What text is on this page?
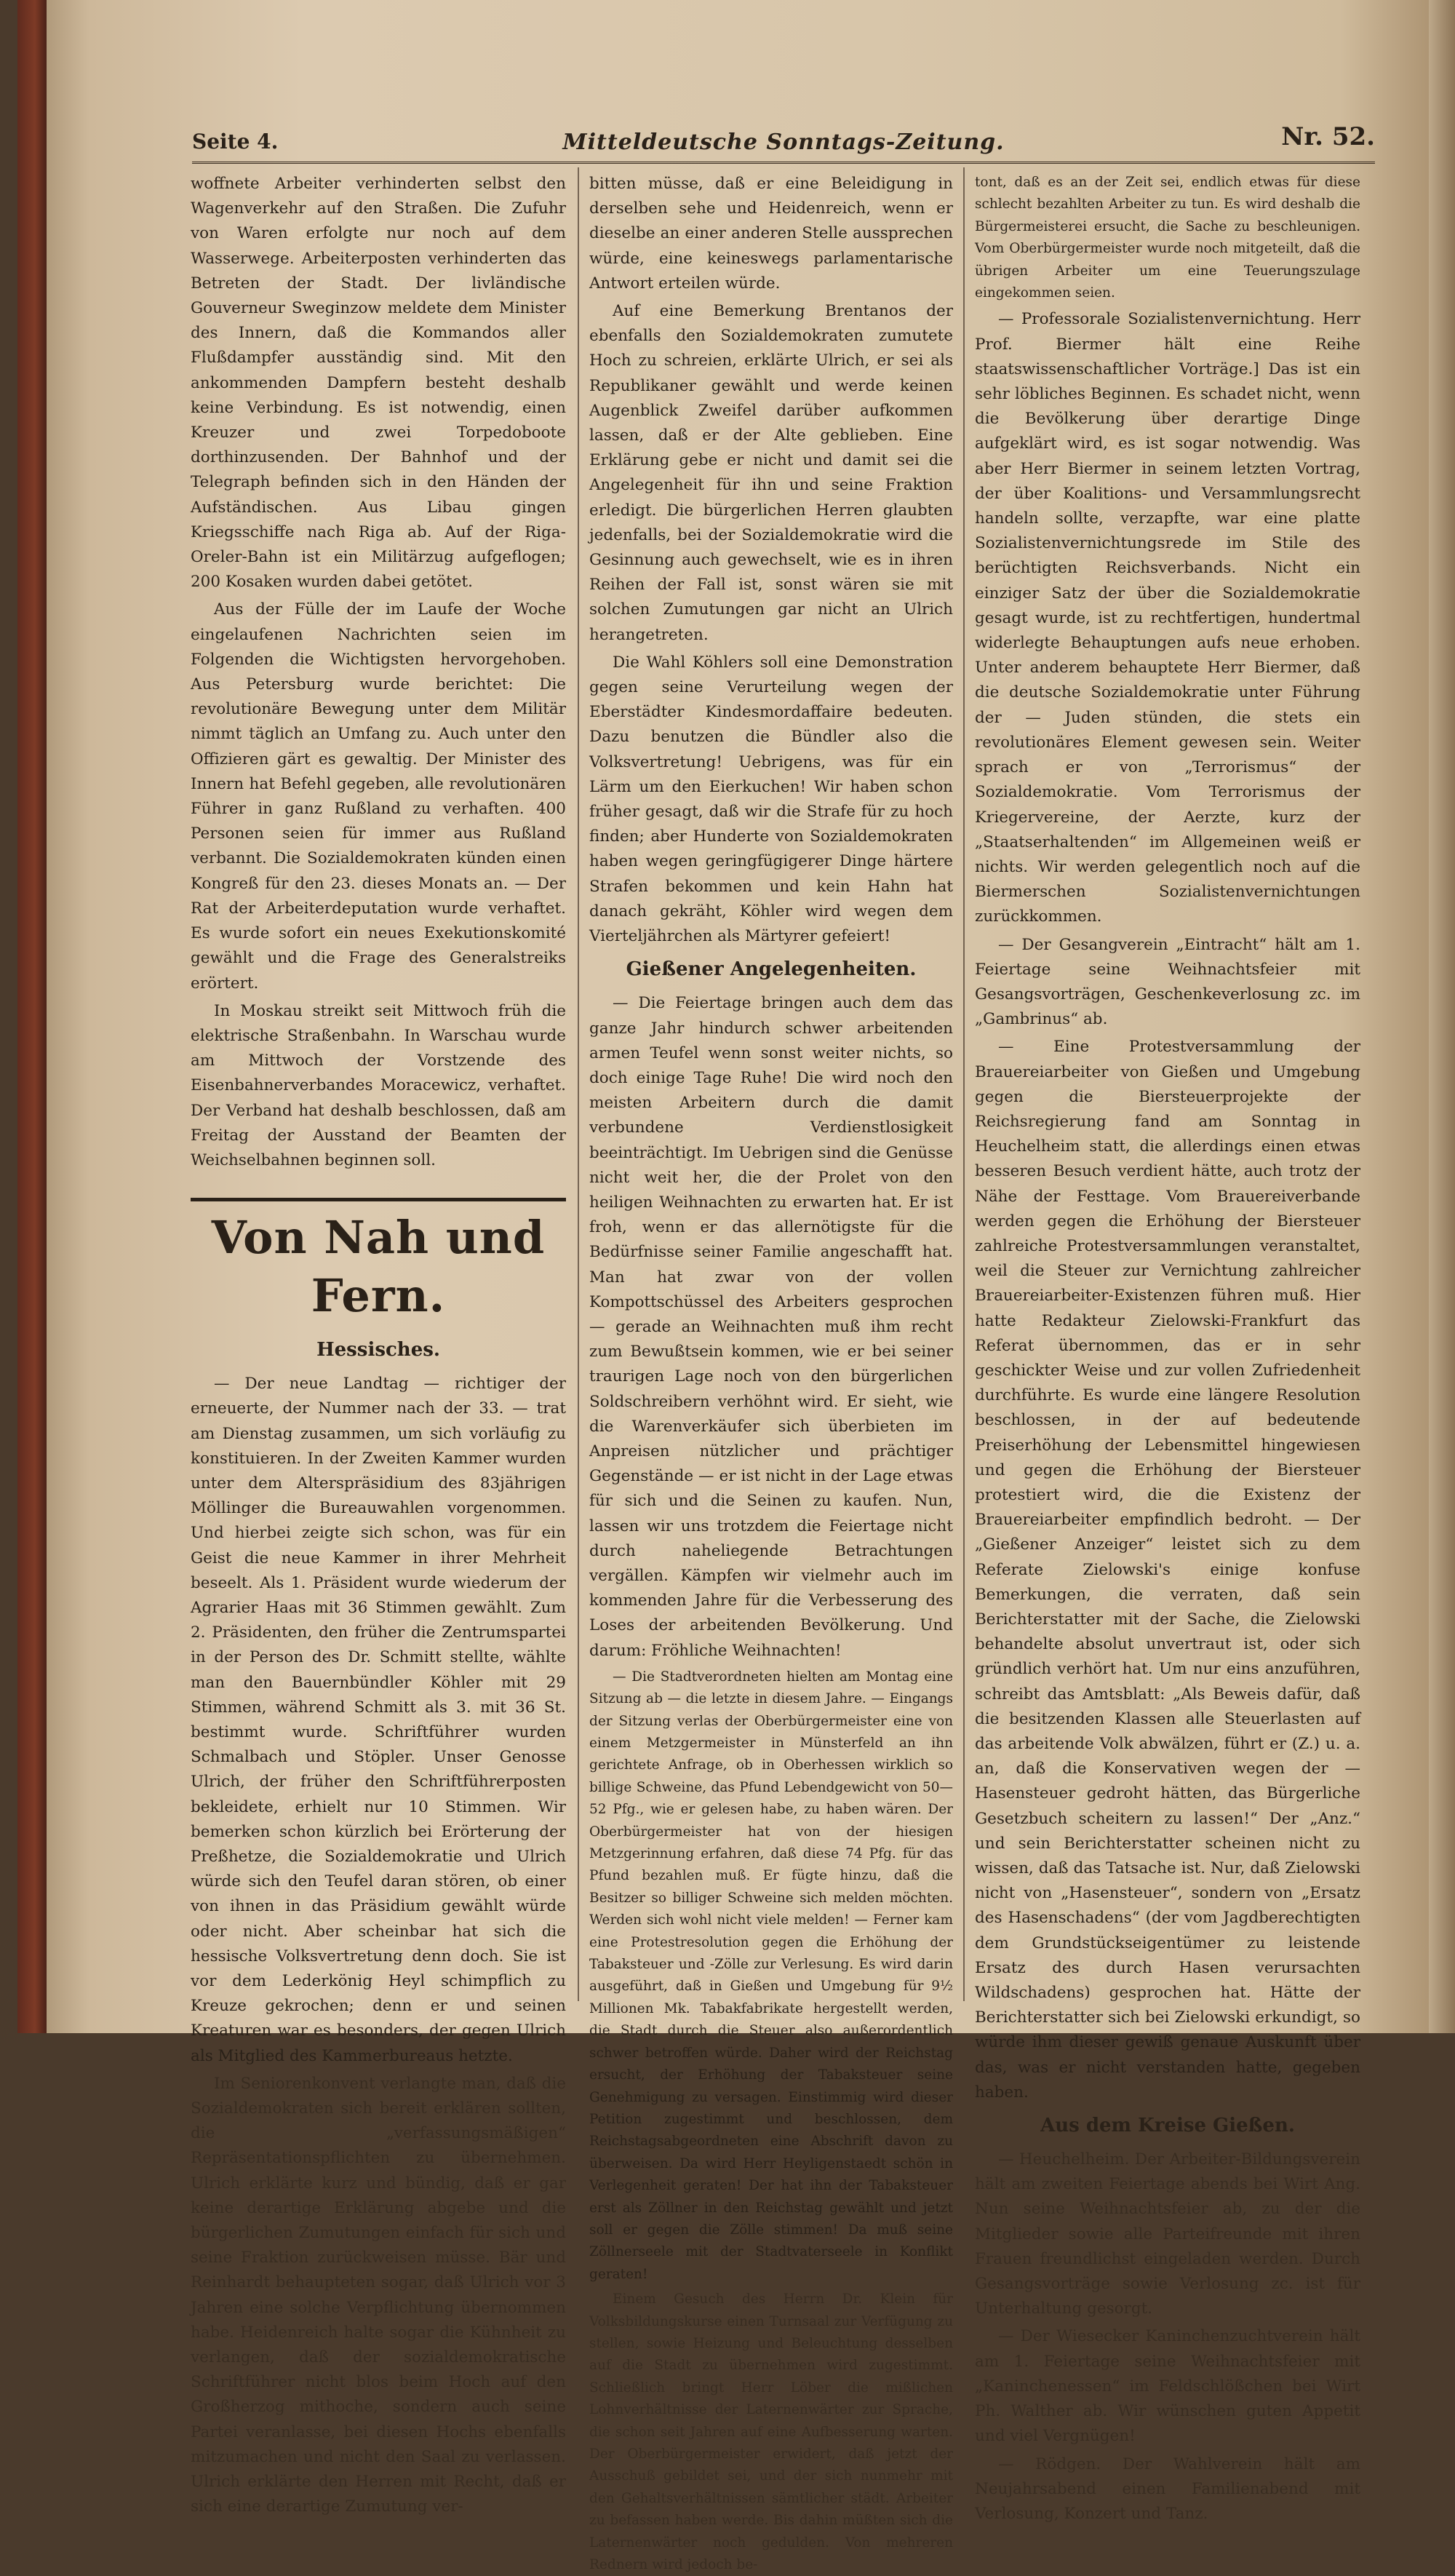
Seite 4.	Mitteldeutsche Sonntags-Zeitung.	Nr. 52.

woffnete Arbeiter verhinderten selbst den Wagenverkehr auf den Straßen. Die Zufuhr von Waren erfolgte nur noch auf dem Wasserwege. Arbeiterposten verhinderten das Betreten der Stadt. Der livländische Gouverneur Sweginzow meldete dem Minister des Innern, daß die Kommandos aller Flußdampfer ausständig sind. Mit den ankommenden Dampfern besteht deshalb keine Verbindung. Es ist notwendig, einen Kreuzer und zwei Torpedoboote dorthinzusenden. Der Bahnhof und der Telegraph befinden sich in den Händen der Aufständischen. Aus Libau gingen Kriegsschiffe nach Riga ab. Auf der Riga-Oreler-Bahn ist ein Militärzug aufgeflogen; 200 Kosaken wurden dabei getötet.

Aus der Fülle der im Laufe der Woche eingelaufenen Nachrichten seien im Folgenden die Wichtigsten hervorgehoben. Aus Petersburg wurde berichtet: Die revolutionäre Bewegung unter dem Militär nimmt täglich an Umfang zu. Auch unter den Offizieren gärt es gewaltig. Der Minister des Innern hat Befehl gegeben, alle revolutionären Führer in ganz Rußland zu verhaften. 400 Personen seien für immer aus Rußland verbannt. Die Sozialdemokraten künden einen Kongreß für den 23. dieses Monats an. — Der Rat der Arbeiterdeputation wurde verhaftet. Es wurde sofort ein neues Exekutionskomité gewählt und die Frage des Generalstreiks erörtert.

In Moskau streikt seit Mittwoch früh die elektrische Straßenbahn. In Warschau wurde am Mittwoch der Vorstzende des Eisenbahnerverbandes Moracewicz, verhaftet. Der Verband hat deshalb beschlossen, daß am Freitag der Ausstand der Beamten der Weichselbahnen beginnen soll.

Von Nah und Fern.
Hessisches.

— Der neue Landtag — richtiger der erneuerte, der Nummer nach der 33. — trat am Dienstag zusammen, um sich vorläufig zu konstituieren. In der Zweiten Kammer wurden unter dem Alterspräsidium des 83jährigen Möllinger die Bureauwahlen vorgenommen. Und hierbei zeigte sich schon, was für ein Geist die neue Kammer in ihrer Mehrheit beseelt. Als 1. Präsident wurde wiederum der Agrarier Haas mit 36 Stimmen gewählt. Zum 2. Präsidenten, den früher die Zentrumspartei in der Person des Dr. Schmitt stellte, wählte man den Bauernbündler Köhler mit 29 Stimmen, während Schmitt als 3. mit 36 St. bestimmt wurde. Schriftführer wurden Schmalbach und Stöpler. Unser Genosse Ulrich, der früher den Schriftführerposten bekleidete, erhielt nur 10 Stimmen. Wir bemerken schon kürzlich bei Erörterung der Preßhetze, die Sozialdemokratie und Ulrich würde sich den Teufel daran stören, ob einer von ihnen in das Präsidium gewählt würde oder nicht. Aber scheinbar hat sich die hessische Volksvertretung denn doch. Sie ist vor dem Lederkönig Heyl schimpflich zu Kreuze gekrochen; denn er und seinen Kreaturen war es besonders, der gegen Ulrich als Mitglied des Kammerbureaus hetzte.

Im Seniorenkonvent verlangte man, daß die Sozialdemokraten sich bereit erklären sollten, die „verfassungsmäßigen“ Repräsentationspflichten zu übernehmen. Ulrich erklärte kurz und bündig, daß er gar keine derartige Erklärung abgebe und die bürgerlichen Zumutungen einfach für sich und seine Fraktion zurückweisen müsse. Bär und Reinhardt behaupteten sogar, daß Ulrich vor 3 Jahren eine solche Verpflichtung übernommen habe. Heidenreich halte sogar die Kühnheit zu verlangen, daß der sozialdemokratische Schriftführer nicht blos beim Hoch auf den Großherzog mithoche, sondern auch seine Partei veranlasse, bei diesen Hochs ebenfalls mitzumachen und nicht den Saal zu verlassen. Ulrich erklärte den Herren mit Recht, daß er sich eine derartige Zumutung ver-

bitten müsse, daß er eine Beleidigung in derselben sehe und Heidenreich, wenn er dieselbe an einer anderen Stelle aussprechen würde, eine keineswegs parlamentarische Antwort erteilen würde.

Auf eine Bemerkung Brentanos der ebenfalls den Sozialdemokraten zumutete Hoch zu schreien, erklärte Ulrich, er sei als Republikaner gewählt und werde keinen Augenblick Zweifel darüber aufkommen lassen, daß er der Alte geblieben. Eine Erklärung gebe er nicht und damit sei die Angelegenheit für ihn und seine Fraktion erledigt. Die bürgerlichen Herren glaubten jedenfalls, bei der Sozialdemokratie wird die Gesinnung auch gewechselt, wie es in ihren Reihen der Fall ist, sonst wären sie mit solchen Zumutungen gar nicht an Ulrich herangetreten.

Die Wahl Köhlers soll eine Demonstration gegen seine Verurteilung wegen der Eberstädter Kindesmordaffaire bedeuten. Dazu benutzen die Bündler also die Volksvertretung! Uebrigens, was für ein Lärm um den Eierkuchen! Wir haben schon früher gesagt, daß wir die Strafe für zu hoch finden; aber Hunderte von Sozialdemokraten haben wegen geringfügigerer Dinge härtere Strafen bekommen und kein Hahn hat danach gekräht, Köhler wird wegen dem Vierteljährchen als Märtyrer gefeiert!

Gießener Angelegenheiten.

— Die Feiertage bringen auch dem das ganze Jahr hindurch schwer arbeitenden armen Teufel wenn sonst weiter nichts, so doch einige Tage Ruhe! Die wird noch den meisten Arbeitern durch die damit verbundene Verdienstlosigkeit beeinträchtigt. Im Uebrigen sind die Genüsse nicht weit her, die der Prolet von den heiligen Weihnachten zu erwarten hat. Er ist froh, wenn er das allernötigste für die Bedürfnisse seiner Familie angeschafft hat. Man hat zwar von der vollen Kompottschüssel des Arbeiters gesprochen — gerade an Weihnachten muß ihm recht zum Bewußtsein kommen, wie er bei seiner traurigen Lage noch von den bürgerlichen Soldschreibern verhöhnt wird. Er sieht, wie die Warenverkäufer sich überbieten im Anpreisen nützlicher und prächtiger Gegenstände — er ist nicht in der Lage etwas für sich und die Seinen zu kaufen. Nun, lassen wir uns trotzdem die Feiertage nicht durch naheliegende Betrachtungen vergällen. Kämpfen wir vielmehr auch im kommenden Jahre für die Verbesserung des Loses der arbeitenden Bevölkerung. Und darum: Fröhliche Weihnachten!

— Die Stadtverordneten hielten am Montag eine Sitzung ab — die letzte in diesem Jahre. — Eingangs der Sitzung verlas der Oberbürgermeister eine von einem Metzgermeister in Münsterfeld an ihn gerichtete Anfrage, ob in Oberhessen wirklich so billige Schweine, das Pfund Lebendgewicht von 50—52 Pfg., wie er gelesen habe, zu haben wären. Der Oberbürgermeister hat von der hiesigen Metzgerinnung erfahren, daß diese 74 Pfg. für das Pfund bezahlen muß. Er fügte hinzu, daß die Besitzer so billiger Schweine sich melden möchten. Werden sich wohl nicht viele melden! — Ferner kam eine Protestresolution gegen die Erhöhung der Tabaksteuer und -Zölle zur Verlesung. Es wird darin ausgeführt, daß in Gießen und Umgebung für 9½ Millionen Mk. Tabakfabrikate hergestellt werden, die Stadt durch die Steuer also außerordentlich schwer betroffen würde. Daher wird der Reichstag ersucht, der Erhöhung der Tabaksteuer seine Genehmigung zu versagen. Einstimmig wird dieser Petition zugestimmt und beschlossen, dem Reichstagsabgeordneten eine Abschrift davon zu überweisen. Da wird Herr Heyligenstaedt schön in Verlegenheit geraten! Der hat ihn der Tabaksteuer erst als Zöllner in den Reichstag gewählt und jetzt soll er gegen die Zölle stimmen! Da muß seine Zöllnerseele mit der Stadtvaterseele in Konflikt geraten!

Einem Gesuch des Herrn Dr. Klein für Volksbildungskurse einen Turnsaal zur Verfügung zu stellen, sowie Heizung und Beleuchtung desselben auf die Stadt zu übernehmen wird zugestimmt. Schließlich bringt Herr Löber die mißlichen Lohnverhältnisse der Laternenwärter zur Sprache, die schon seit Jahren auf eine Aufbesserung warten. Der Oberbürgermeister erwidert, daß jetzt der Ausschuß gebildet sei, und der sich nunmehr mit den Gehaltsverhältnissen sämtlicher städt. Arbeiter zu befassen haben werde. Bis dahin müßten sich die Laternenwärter noch gedulden. Von mehreren Rednern wird jedoch be-

tont, daß es an der Zeit sei, endlich etwas für diese schlecht bezahlten Arbeiter zu tun. Es wird deshalb die Bürgermeisterei ersucht, die Sache zu beschleunigen. Vom Oberbürgermeister wurde noch mitgeteilt, daß die übrigen Arbeiter um eine Teuerungszulage eingekommen seien.

— Professorale Sozialistenvernichtung. Herr Prof. Biermer hält eine Reihe staatswissenschaftlicher Vorträge.] Das ist ein sehr löbliches Beginnen. Es schadet nicht, wenn die Bevölkerung über derartige Dinge aufgeklärt wird, es ist sogar notwendig. Was aber Herr Biermer in seinem letzten Vortrag, der über Koalitions- und Versammlungsrecht handeln sollte, verzapfte, war eine platte Sozialistenvernichtungsrede im Stile des berüchtigten Reichsverbands. Nicht ein einziger Satz der über die Sozialdemokratie gesagt wurde, ist zu rechtfertigen, hundertmal widerlegte Behauptungen aufs neue erhoben. Unter anderem behauptete Herr Biermer, daß die deutsche Sozialdemokratie unter Führung der — Juden stünden, die stets ein revolutionäres Element gewesen sein. Weiter sprach er von „Terrorismus“ der Sozialdemokratie. Vom Terrorismus der Kriegervereine, der Aerzte, kurz der „Staatserhaltenden“ im Allgemeinen weiß er nichts. Wir werden gelegentlich noch auf die Biermerschen Sozialistenvernichtungen zurückkommen.

— Der Gesangverein „Eintracht“ hält am 1. Feiertage seine Weihnachtsfeier mit Gesangsvorträgen, Geschenkeverlosung zc. im „Gambrinus“ ab.

— Eine Protestversammlung der Brauereiarbeiter von Gießen und Umgebung gegen die Biersteuerprojekte der Reichsregierung fand am Sonntag in Heuchelheim statt, die allerdings einen etwas besseren Besuch verdient hätte, auch trotz der Nähe der Festtage. Vom Brauereiverbande werden gegen die Erhöhung der Biersteuer zahlreiche Protestversammlungen veranstaltet, weil die Steuer zur Vernichtung zahlreicher Brauereiarbeiter-Existenzen führen muß. Hier hatte Redakteur Zielowski-Frankfurt das Referat übernommen, das er in sehr geschickter Weise und zur vollen Zufriedenheit durchführte. Es wurde eine längere Resolution beschlossen, in der auf bedeutende Preiserhöhung der Lebensmittel hingewiesen und gegen die Erhöhung der Biersteuer protestiert wird, die die Existenz der Brauereiarbeiter empfindlich bedroht. — Der „Gießener Anzeiger“ leistet sich zu dem Referate Zielowski's einige konfuse Bemerkungen, die verraten, daß sein Berichterstatter mit der Sache, die Zielowski behandelte absolut unvertraut ist, oder sich gründlich verhört hat. Um nur eins anzuführen, schreibt das Amtsblatt: „Als Beweis dafür, daß die besitzenden Klassen alle Steuerlasten auf das arbeitende Volk abwälzen, führt er (Z.) u. a. an, daß die Konservativen wegen der — Hasensteuer gedroht hätten, das Bürgerliche Gesetzbuch scheitern zu lassen!“ Der „Anz.“ und sein Berichterstatter scheinen nicht zu wissen, daß das Tatsache ist. Nur, daß Zielowski nicht von „Hasensteuer“, sondern von „Ersatz des Hasenschadens“ (der vom Jagdberechtigten dem Grundstückseigentümer zu leistende Ersatz des durch Hasen verursachten Wildschadens) gesprochen hat. Hätte der Berichterstatter sich bei Zielowski erkundigt, so würde ihm dieser gewiß genaue Auskunft über das, was er nicht verstanden hatte, gegeben haben.

Aus dem Kreise Gießen.

— Heuchelheim. Der Arbeiter-Bildungsverein hält am zweiten Feiertage abends bei Wirt Ang. Nun seine Weihnachtsfeier ab, zu der die Mitglieder sowie alle Parteifreunde mit ihren Frauen freundlichst eingeladen werden. Durch Gesangsvorträge sowie Verlosung zc. ist für Unterhaltung gesorgt.

— Der Wiesecker Kaninchenzuchtverein hält am 1. Feiertage seine Weihnachtsfeier mit „Kaninchenessen“ im Feldschlößchen bei Wirt Ph. Walther ab. Wir wünschen guten Appetit und viel Vergnügen!

— Rödgen. Der Wahlverein hält am Neujahrsabend einen Familienabend mit Verlosung, Konzert und Tanz.
